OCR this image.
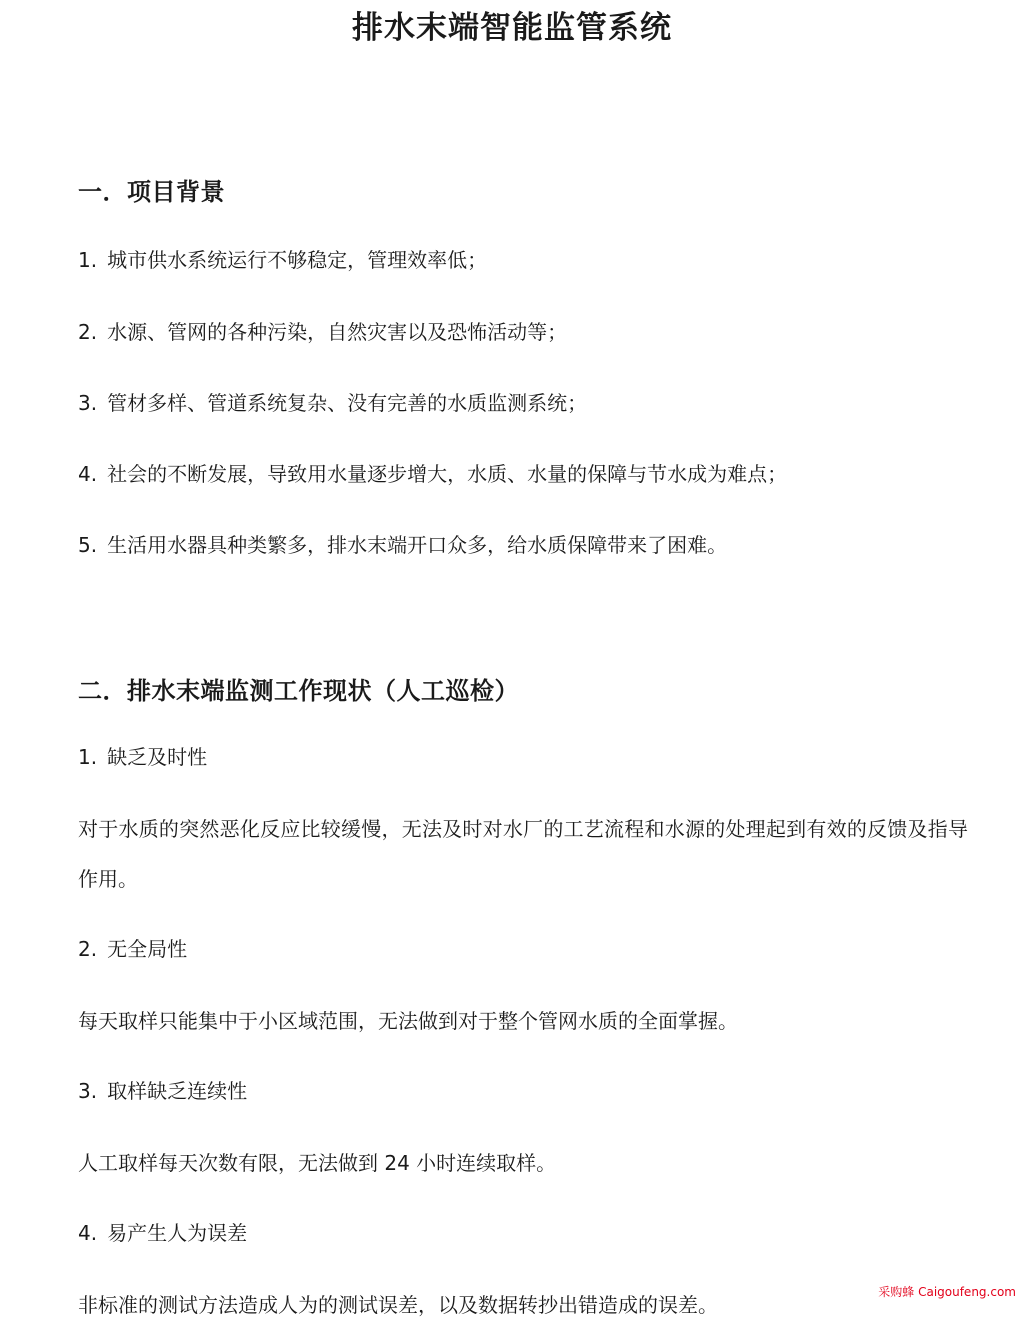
排水末端智能监管系统
一．项目背景

1. 城市供水系统运行不够稳定，管理效率低；

2. 水源、管网的各种污染，自然灾害以及恐怖活动等；

3. 管材多样、管道系统复杂、没有完善的水质监测系统；

4. 社会的不断发展，导致用水量逐步增大，水质、水量的保障与节水成为难点；

5. 生活用水器具种类繁多，排水末端开口众多，给水质保障带来了困难。

二．排水末端监测工作现状（人工巡检）

1. 缺乏及时性

对于水质的突然恶化反应比较缓慢，无法及时对水厂的工艺流程和水源的处理起到有效的反馈及指导作用。

2. 无全局性

每天取样只能集中于小区域范围，无法做到对于整个管网水质的全面掌握。

3. 取样缺乏连续性

人工取样每天次数有限，无法做到 24 小时连续取样。

4. 易产生人为误差

非标准的测试方法造成人为的测试误差，以及数据转抄出错造成的误差。

采购蜂 Caigoufeng.com
